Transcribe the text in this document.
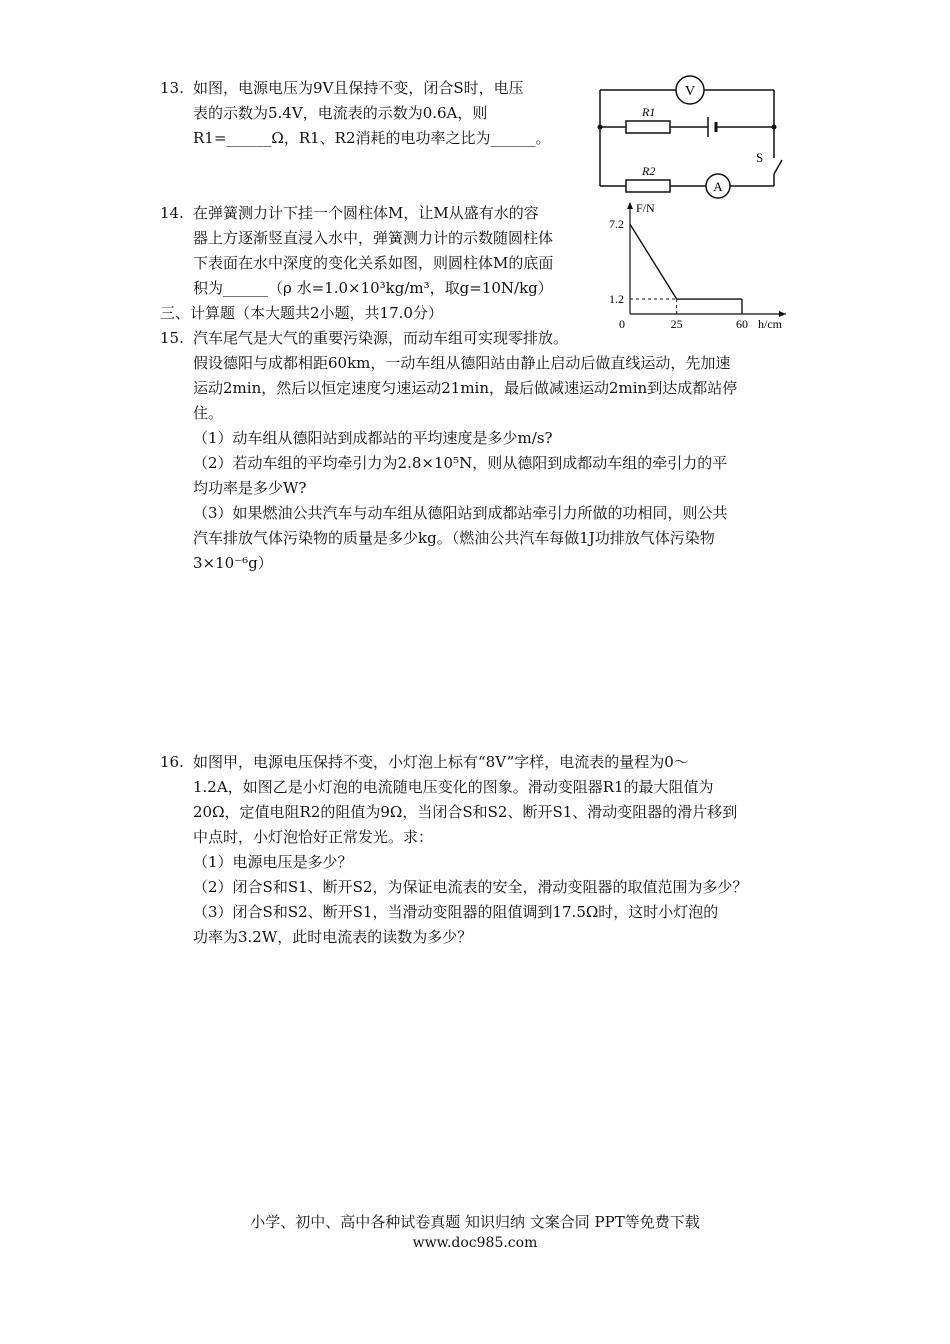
13. 如图，电源电压为9V且保持不变，闭合S时，电压
表的示数为5.4V，电流表的示数为0.6A，则
R1=______Ω，R1、R2消耗的电功率之比为______。
V
A
R1
R2
S
14. 在弹簧测力计下挂一个圆柱体M，让M从盛有水的容
器上方逐渐竖直浸入水中，弹簧测力计的示数随圆柱体
下表面在水中深度的变化关系如图，则圆柱体M的底面
积为______（ρ 水=1.0×10³kg/m³，取g=10N/kg）
F/N
h/cm
7.2
1.2
0	25	60
三、计算题（本大题共2小题，共17.0分）
15. 汽车尾气是大气的重要污染源，而动车组可实现零排放。
假设德阳与成都相距60km，一动车组从德阳站由静止启动后做直线运动，先加速
运动2min，然后以恒定速度匀速运动21min，最后做减速运动2min到达成都站停
住。
（1）动车组从德阳站到成都站的平均速度是多少m/s?
（2）若动车组的平均牵引力为2.8×10⁵N，则从德阳到成都动车组的牵引力的平
均功率是多少W?
（3）如果燃油公共汽车与动车组从德阳站到成都站牵引力所做的功相同，则公共
汽车排放气体污染物的质量是多少kg。（燃油公共汽车每做1J功排放气体污染物
3×10⁻⁶g）
16. 如图甲，电源电压保持不变，小灯泡上标有“8V”字样，电流表的量程为0～
1.2A，如图乙是小灯泡的电流随电压变化的图象。滑动变阻器R1的最大阻值为
20Ω，定值电阻R2的阻值为9Ω，当闭合S和S2、断开S1、滑动变阻器的滑片移到
中点时，小灯泡恰好正常发光。求：
（1）电源电压是多少？
（2）闭合S和S1、断开S2，为保证电流表的安全，滑动变阻器的取值范围为多少？
（3）闭合S和S2、断开S1，当滑动变阻器的阻值调到17.5Ω时，这时小灯泡的
功率为3.2W，此时电流表的读数为多少？
小学、初中、高中各种试卷真题 知识归纳 文案合同 PPT等免费下载
www.doc985.com
